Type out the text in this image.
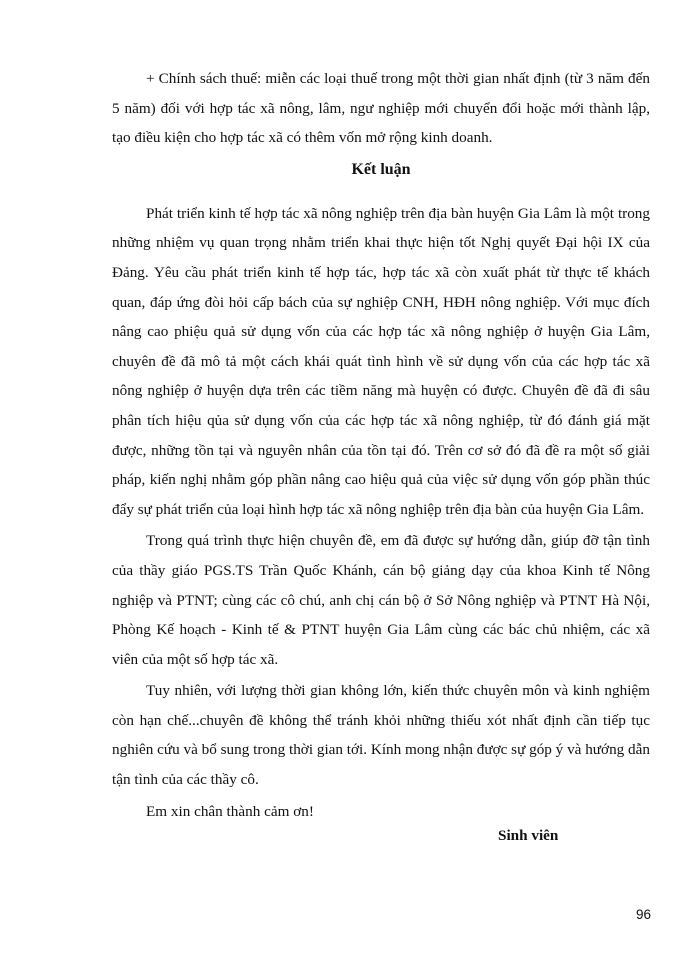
+ Chính sách thuế: miễn các loại thuế trong một thời gian nhất định (từ 3 năm đến 5 năm) đối với hợp tác xã nông, lâm, ngư nghiệp mới chuyển đổi hoặc mới thành lập, tạo điều kiện cho hợp tác xã có thêm vốn mở rộng kinh doanh.

Kết luận

Phát triển kinh tế hợp tác xã nông nghiệp trên địa bàn huyện Gia Lâm là một trong những nhiệm vụ quan trọng nhằm triển khai thực hiện tốt Nghị quyết Đại hội IX của Đảng. Yêu cầu phát triển kinh tế hợp tác, hợp tác xã còn xuất phát từ thực tế khách quan, đáp ứng đòi hỏi cấp bách của sự nghiệp CNH, HĐH nông nghiệp. Với mục đích nâng cao phiệu quả sử dụng vốn của các hợp tác xã nông nghiệp ở huyện Gia Lâm, chuyên đề đã mô tả một cách khái quát tình hình về sử dụng vốn của các hợp tác xã nông nghiệp ở huyện dựa trên các tiềm năng mà huyện có được. Chuyên đề đã đi sâu phân tích hiệu qủa sử dụng vốn của các hợp tác xã nông nghiệp, từ đó đánh giá mặt được, những tồn tại và nguyên nhân của tồn tại đó. Trên cơ sở đó đã đề ra một số giải pháp, kiến nghị nhằm góp phần nâng cao hiệu quả của việc sử dụng vốn góp phần thúc đẩy sự phát triển của loại hình hợp tác xã nông nghiệp trên địa bàn của huyện Gia Lâm.

Trong quá trình thực hiện chuyên đề, em đã được sự hướng dẫn, giúp đỡ tận tình của thầy giáo PGS.TS Trần Quốc Khánh, cán bộ giảng dạy của khoa Kinh tế Nông nghiệp và PTNT; cùng các cô chú, anh chị cán bộ ở Sở Nông nghiệp và PTNT Hà Nội, Phòng Kế hoạch - Kinh tế & PTNT huyện Gia Lâm cùng các bác chủ nhiệm, các xã viên của một số hợp tác xã.

Tuy nhiên, với lượng thời gian không lớn, kiến thức chuyên môn và kinh nghiệm còn hạn chế...chuyên đề không thể tránh khỏi những thiếu xót nhất định cần tiếp tục nghiên cứu và bổ sung trong thời gian tới. Kính mong nhận được sự góp ý và hướng dẫn tận tình của các thầy cô.

Em xin chân thành cảm ơn!

Sinh viên
96
